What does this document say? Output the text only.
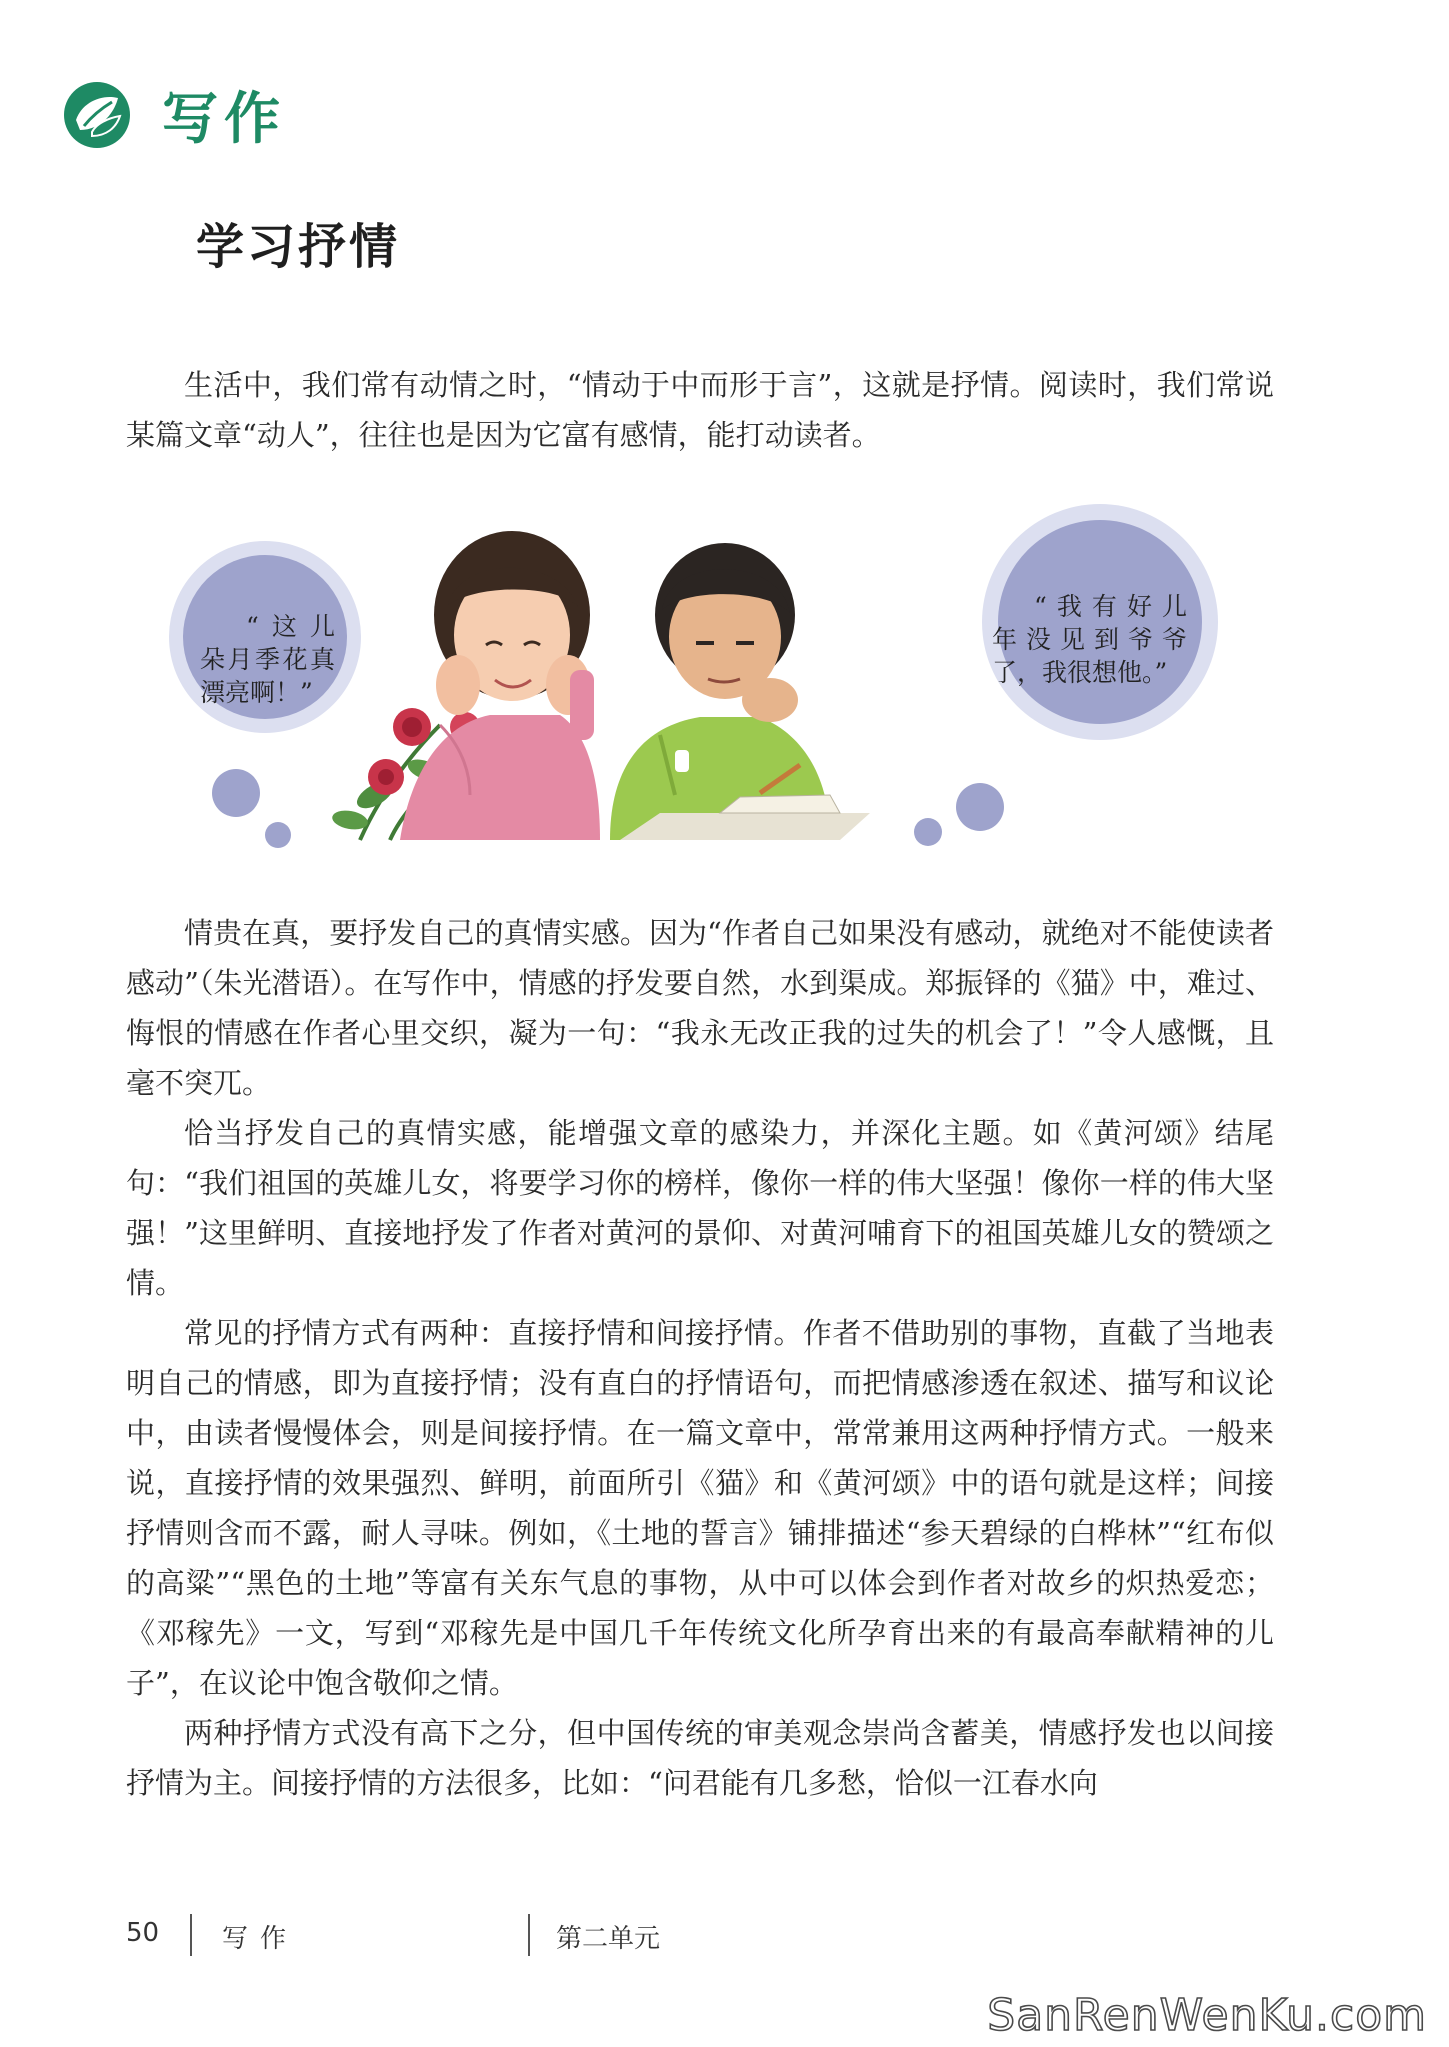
写作
学习抒情

生活中，我们常有动情之时，“情动于中而形于言”，这就是抒情。阅读时，我们常说某篇文章“动人”，往往也是因为它富有感情，能打动读者。

“这儿
朵月季花真
漂亮啊！”
“我有好儿
年没见到爷爷
了，我很想他。”

情贵在真，要抒发自己的真情实感。因为“作者自己如果没有感动，就绝对不能使读者感动”（朱光潜语）。在写作中，情感的抒发要自然，水到渠成。郑振铎的《猫》中，难过、悔恨的情感在作者心里交织，凝为一句：“我永无改正我的过失的机会了！”令人感慨，且毫不突兀。

恰当抒发自己的真情实感，能增强文章的感染力，并深化主题。如《黄河颂》结尾句：“我们祖国的英雄儿女，将要学习你的榜样，像你一样的伟大坚强！像你一样的伟大坚强！”这里鲜明、直接地抒发了作者对黄河的景仰、对黄河哺育下的祖国英雄儿女的赞颂之情。

常见的抒情方式有两种：直接抒情和间接抒情。作者不借助别的事物，直截了当地表明自己的情感，即为直接抒情；没有直白的抒情语句，而把情感渗透在叙述、描写和议论中，由读者慢慢体会，则是间接抒情。在一篇文章中，常常兼用这两种抒情方式。一般来说，直接抒情的效果强烈、鲜明，前面所引《猫》和《黄河颂》中的语句就是这样；间接抒情则含而不露，耐人寻味。例如，《土地的誓言》铺排描述“参天碧绿的白桦林”“红布似的高粱”“黑色的土地”等富有关东气息的事物，从中可以体会到作者对故乡的炽热爱恋；《邓稼先》一文，写到“邓稼先是中国几千年传统文化所孕育出来的有最高奉献精神的儿子”，在议论中饱含敬仰之情。

两种抒情方式没有高下之分，但中国传统的审美观念崇尚含蓄美，情感抒发也以间接抒情为主。间接抒情的方法很多，比如：“问君能有几多愁，恰似一江春水向

50 写作	第二单元
SanRenWenKu.com
